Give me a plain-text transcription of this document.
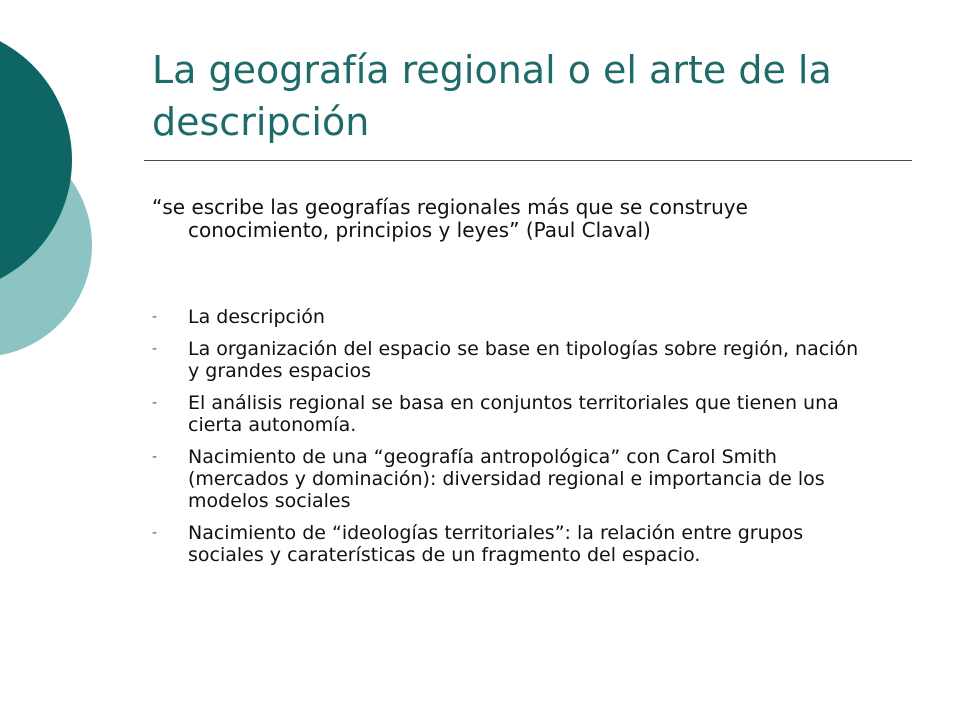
La geografía regional o el arte de la descripción

“se escribe las geografías regionales más que se construye conocimiento, principios y leyes” (Paul Claval)

-	La descripción
-	La organización del espacio se base en tipologías sobre región, nación y grandes espacios
-	El análisis regional se basa en conjuntos territoriales que tienen una cierta autonomía.
-	Nacimiento de una “geografía antropológica” con Carol Smith (mercados y dominación): diversidad regional e importancia de los modelos sociales
-	Nacimiento de “ideologías territoriales”: la relación entre grupos sociales y caraterísticas de un fragmento del espacio.
